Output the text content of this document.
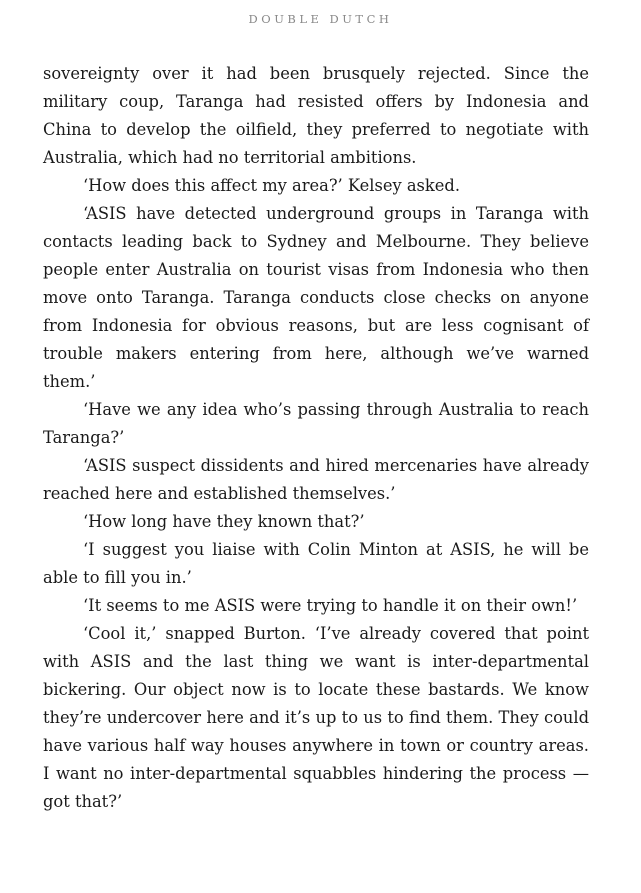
DOUBLE DUTCH

sovereignty over it had been brusquely rejected. Since the military coup, Taranga had resisted offers by Indonesia and China to develop the oilfield, they preferred to negotiate with Australia, which had no territorial ambitions.

‘How does this affect my area?’ Kelsey asked.

‘ASIS have detected underground groups in Taranga with contacts leading back to Sydney and Melbourne. They believe people enter Australia on tourist visas from Indonesia who then move onto Taranga. Taranga conducts close checks on anyone from Indonesia for obvious reasons, but are less cognisant of trouble makers entering from here, although we’ve warned them.’

‘Have we any idea who’s passing through Australia to reach Taranga?’

‘ASIS suspect dissidents and hired mercenaries have already reached here and established themselves.’

‘How long have they known that?’

‘I suggest you liaise with Colin Minton at ASIS, he will be able to fill you in.’

‘It seems to me ASIS were trying to handle it on their own!’

‘Cool it,’ snapped Burton. ‘I’ve already covered that point with ASIS and the last thing we want is inter-departmental bickering. Our object now is to locate these bastards. We know they’re undercover here and it’s up to us to find them. They could have various half way houses anywhere in town or country areas. I want no inter-departmental squabbles hindering the process — got that?’
